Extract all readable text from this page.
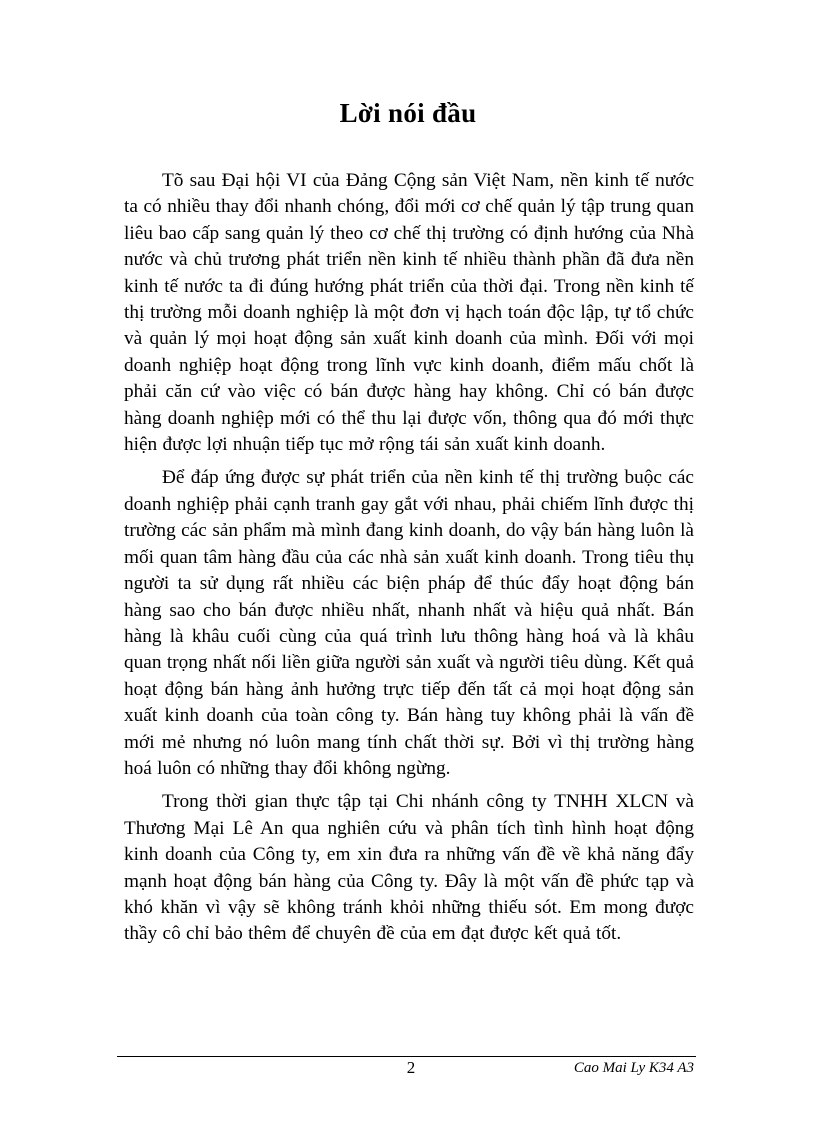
Lời nói đầu

Tõ sau Đại hội VI của Đảng Cộng sản Việt Nam, nền kinh tế nước ta có nhiều thay đổi nhanh chóng, đổi mới cơ chế quản lý tập trung quan liêu bao cấp sang quản lý theo cơ chế thị trường có định hướng của Nhà nước và chủ trương phát triển nền kinh tế nhiều thành phần đã đưa nền kinh tế nước ta đi đúng hướng phát triển của thời đại. Trong nền kinh tế thị trường mỗi doanh nghiệp là một đơn vị hạch toán độc lập, tự tổ chức và quản lý mọi hoạt động sản xuất kinh doanh của mình. Đối với mọi doanh nghiệp hoạt động trong lĩnh vực kinh doanh, điểm mấu chốt là phải căn cứ vào việc có bán được hàng hay không. Chỉ có bán được hàng doanh nghiệp mới có thể thu lại được vốn, thông qua đó mới thực hiện được lợi nhuận tiếp tục mở rộng tái sản xuất kinh doanh.

Để đáp ứng được sự phát triển của nền kinh tế thị trường buộc các doanh nghiệp phải cạnh tranh gay gắt với nhau, phải chiếm lĩnh được thị trường các sản phẩm mà mình đang kinh doanh, do vậy bán hàng luôn là mối quan tâm hàng đầu của các nhà sản xuất kinh doanh. Trong tiêu thụ người ta sử dụng rất nhiều các biện pháp để thúc đẩy hoạt động bán hàng sao cho bán được nhiều nhất, nhanh nhất và hiệu quả nhất. Bán hàng là khâu cuối cùng của quá trình lưu thông hàng hoá và là khâu quan trọng nhất nối liền giữa người sản xuất và người tiêu dùng. Kết quả hoạt động bán hàng ảnh hưởng trực tiếp đến tất cả mọi hoạt động sản xuất kinh doanh của toàn công ty. Bán hàng tuy không phải là vấn đề mới mẻ nhưng nó luôn mang tính chất thời sự. Bởi vì thị trường hàng hoá luôn có những thay đổi không ngừng.

Trong thời gian thực tập tại Chi nhánh công ty TNHH XLCN và Thương Mại Lê An qua nghiên cứu và phân tích tình hình hoạt động kinh doanh của Công ty, em xin đưa ra những vấn đề về khả năng đẩy mạnh hoạt động bán hàng của Công ty. Đây là một vấn đề phức tạp và khó khăn vì vậy sẽ không tránh khỏi những thiếu sót. Em mong được thầy cô chỉ bảo thêm để chuyên đề của em đạt được kết quả tốt.

2	Cao Mai Ly K34 A3
